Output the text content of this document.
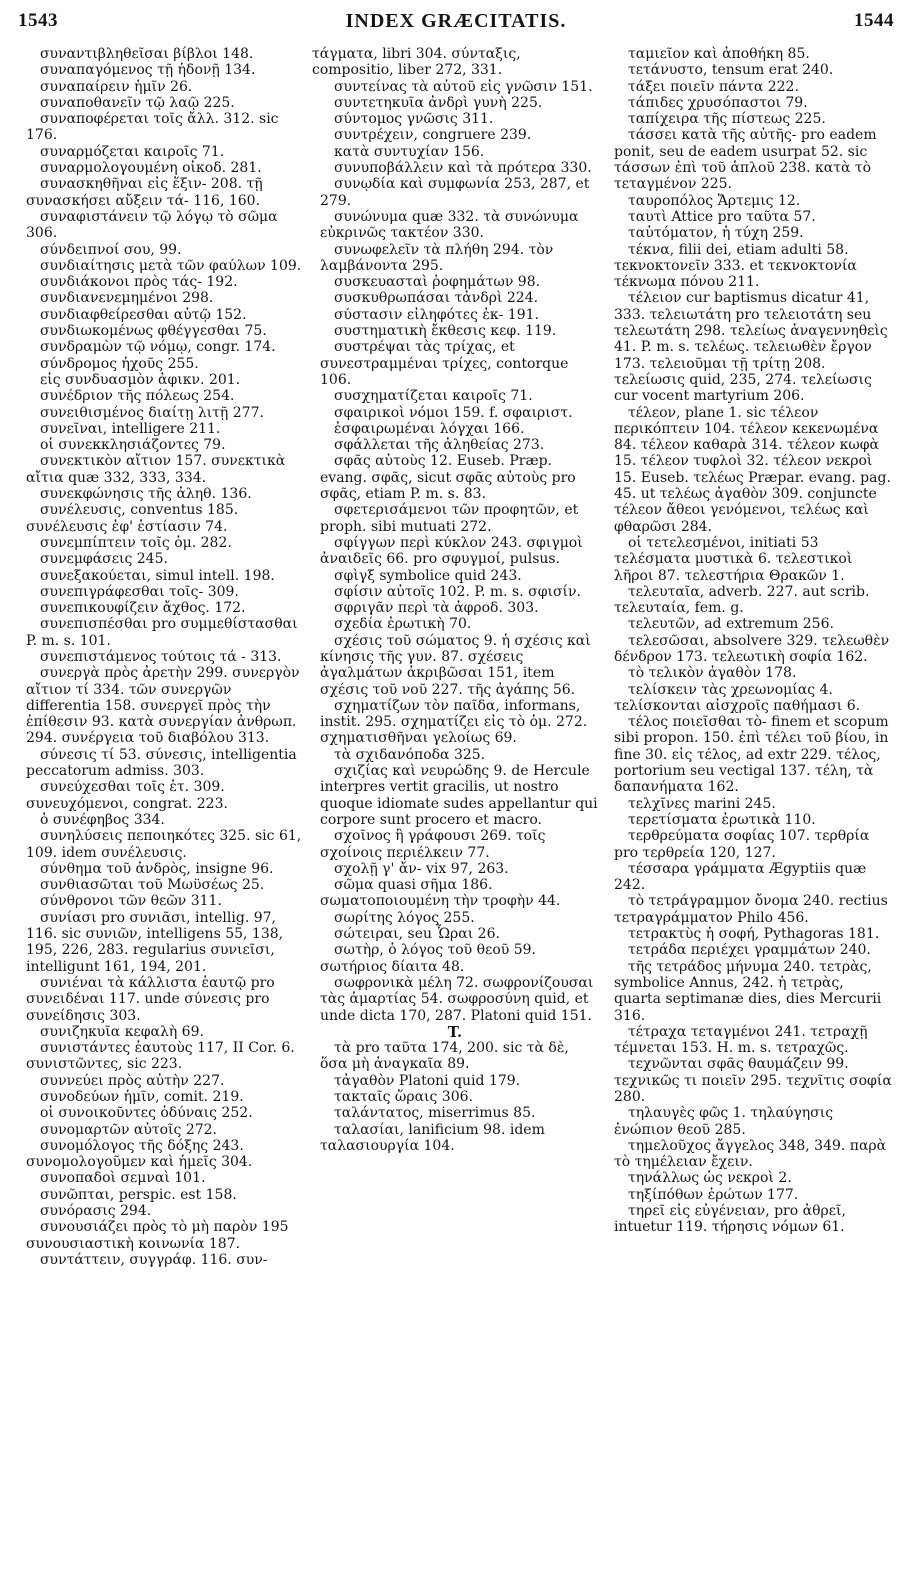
INDEX GRÆCITATIS.
1543	1544

συναντιβληθεῖσαι βίβλοι 148.

συναπαγόμενος τῇ ἡδονῇ 134.

συναπαίρειν ἡμῖν 26.

συναποθανεῖν τῷ λαῷ 225.

συναποφέρεται τοῖς ἄλλ. 312. sic 176.

συναρμόζεται καιροῖς 71.

συναρμολογουμένη οἰκοδ. 281.

συνασκηθῆναι εἰς ἕξιν- 208. τῇ συνασκήσει αὔξειν τά- 116, 160.

συναφιστάνειν τῷ λόγῳ τὸ σῶμα 306.

σύνδειπνοί σου, 99.

συνδιαίτησις μετὰ τῶν φαύλων 109.

συνδιάκονοι πρὸς τάς- 192.

συνδιανενεμημένοι 298.

συνδιαφθείρεσθαι αὐτῷ 152.

συνδιωκομένως φθέγγεσθαι 75.

συνδραμὼν τῷ νόμῳ, congr. 174.

σύνδρομος ἠχοῦς 255.

εἰς συνδυασμὸν ἀφικν. 201.

συνέδριον τῆς πόλεως 254.

συνειθισμένος διαίτῃ λιτῇ 277.

συνεῖναι, intelligere 211.

οἱ συνεκκλησιάζοντες 79.

συνεκτικὸν αἴτιον 157. συνεκτικὰ αἴτια quæ 332, 333, 334.

συνεκφώνησις τῆς ἀληθ. 136.

συνέλευσις, conventus 185. συνέλευσις ἐφ' ἑστίασιν 74.

συνεμπίπτειν τοῖς ὁμ. 282.

συνεμφάσεις 245.

συνεξακούεται, simul intell. 198.

συνεπιγράφεσθαι τοῖς- 309.

συνεπικουφίζειν ἄχθος. 172.

συνεπισπέσθαι pro συμμεθίστασθαι P. m. s. 101.

συνεπιστάμενος τούτοις τά - 313.

συνεργὰ πρὸς ἀρετὴν 299. συνεργὸν αἴτιον τί 334. τῶν συνεργῶν differentia 158. συνεργεῖ πρὸς τὴν ἐπίθεσιν 93. κατὰ συνεργίαν ἀνθρωπ. 294. συνέργεια τοῦ διαβόλου 313.

σύνεσις τί 53. σύνεσις, intelligentia peccatorum admiss. 303.

συνεύχεσθαι τοῖς ἑτ. 309. συνευχόμενοι, congrat. 223.

ὁ συνέφηβος 334.

συνηλύσεις πεποιηκότες 325. sic 61, 109. idem συνέλευσις.

σύνθημα τοῦ ἀνδρὸς, insigne 96.

συνθιασῶται τοῦ Μωϋσέως 25.

σύνθρονοι τῶν θεῶν 311.

συνίασι pro συνιᾶσι, intellig. 97, 116. sic συνιῶν, intelligens 55, 138, 195, 226, 283. regularius συνιεῖσι, intelligunt 161, 194, 201.

συνιέναι τὰ κάλλιστα ἑαυτῷ pro συνειδέναι 117. unde σύνεσις pro συνείδησις 303.

συνιζηκυῖα κεφαλὴ 69.

συνιστάντες ἑαυτοὺς 117, II Cor. 6. συνιστῶντες, sic 223.

συννεύει πρὸς αὐτὴν 227.

συνοδεύων ἡμῖν, comit. 219.

οἱ συνοικοῦντες ὀδύναις 252.

συνομαρτῶν αὐτοῖς 272.

συνομόλογος τῆς δόξης 243. συνομολογοῦμεν καὶ ἡμεῖς 304.

συνοπαδοὶ σεμναὶ 101.

συνῶπται, perspic. est 158.

συνόρασις 294.

συνουσιάζει πρὸς τὸ μὴ παρὸν 195 συνουσιαστικὴ κοινωνία 187.

συντάττειν, συγγράφ. 116. συν-

τάγματα, libri 304. σύνταξις, compositio, liber 272, 331.

συντείνας τὰ αὐτοῦ εἰς γνῶσιν 151.

συντετηκυῖα ἀνδρὶ γυνὴ 225.

σύντομος γνῶσις 311.

συντρέχειν, congruere 239.

κατὰ συντυχίαν 156.

συνυποβάλλειν καὶ τὰ πρότερα 330.

συνῳδία καὶ συμφωνία 253, 287, et 279.

συνώνυμα quæ 332. τὰ συνώνυμα εὐκρινῶς τακτέον 330.

συνωφελεῖν τὰ πλήθη 294. τὸν λαμβάνοντα 295.

συσκευασταὶ ῥοφημάτων 98.

συσκυθρωπάσαι τἀνδρὶ 224.

σύστασιν εἰληφότες ἐκ- 191.

συστηματικὴ ἔκθεσις κεφ. 119.

συστρέψαι τὰς τρίχας, et συνεστραμμέναι τρίχες, contorque 106.

συσχηματίζεται καιροῖς 71.

σφαιρικοὶ νόμοι 159. f. σφαιριστ.

ἐσφαιρωμέναι λόγχαι 166.

σφάλλεται τῆς ἀληθείας 273.

σφᾶς αὐτοὺς 12. Euseb. Præp. evang. σφᾶς, sicut σφᾶς αὐτοὺς pro σφᾶς, etiam P. m. s. 83.

σφετερισάμενοι τῶν προφητῶν, et proph. sibi mutuati 272.

σφίγγων περὶ κύκλον 243. σφιγμοὶ ἀναιδεῖς 66. pro σφυγμοί, pulsus.

σφὶγξ symbolice quid 243.

σφίσιν αὐτοῖς 102. P. m. s. σφισίν.

σφριγᾶν περὶ τὰ ἀφροδ. 303.

σχεδία ἐρωτικὴ 70.

σχέσις τοῦ σώματος 9. ἡ σχέσις καὶ κίνησις τῆς γυν. 87. σχέσεις ἀγαλμάτων ἀκριβῶσαι 151, item σχέσις τοῦ νοῦ 227. τῆς ἀγάπης 56.

σχηματίζων τὸν παῖδα, informans, instit. 295. σχηματίζει εἰς τὸ ὁμ. 272. σχηματισθῆναι γελοίως 69.

τὰ σχιδανόποδα 325.

σχιζίας καὶ νευρώδης 9. de Hercule interpres vertit gracilis, ut nostro quoque idiomate sudes appellantur qui corpore sunt procero et macro.

σχοῖνος ἢ γράφουσι 269. τοῖς σχοίνοις περιέλκειν 77.

σχολῇ γ' ἄν- vix 97, 263.

σῶμα quasi σῆμα 186. σωματοποιουμένη τὴν τροφὴν 44.

σωρίτης λόγος 255.

σώτειραι, seu Ὧραι 26.

σωτὴρ, ὁ λόγος τοῦ θεοῦ 59. σωτήριος δίαιτα 48.

σωφρονικὰ μέλη 72. σωφρονίζουσαι τὰς ἁμαρτίας 54. σωφροσύνη quid, et unde dicta 170, 287. Platoni quid 151.

T.

τὰ pro ταῦτα 174, 200. sic τὰ δὲ, ὅσα μὴ ἀναγκαῖα 89.

τἀγαθὸν Platoni quid 179.

τακταῖς ὥραις 306.

ταλάντατος, miserrimus 85.

ταλασίαι, lanificium 98. idem ταλασιουργία 104.

ταμιεῖον καὶ ἀποθήκη 85.

τετάνυστο, tensum erat 240.

τάξει ποιεῖν πάντα 222.

τάπιδες χρυσόπαστοι 79.

ταπίχειρα τῆς πίστεως 225.

τάσσει κατὰ τῆς αὐτῆς- pro eadem ponit, seu de eadem usurpat 52. sic τάσσων ἐπὶ τοῦ ἁπλοῦ 238. κατὰ τὸ τεταγμένον 225.

ταυροπόλος Ἄρτεμις 12.

ταυτὶ Attice pro ταῦτα 57.

ταὐτόματον, ἡ τύχη 259.

τέκνα, filii dei, etiam adulti 58. τεκνοκτονεῖν 333. et τεκνοκτονία τέκνωμα πόνου 211.

τέλειον cur baptismus dicatur 41, 333. τελειωτάτη pro τελειοτάτη seu τελεωτάτη 298. τελείως ἀναγεννηθεὶς 41. P. m. s. τελέως. τελειωθὲν ἔργον 173. τελειοῦμαι τῇ τρίτῃ 208. τελείωσις quid, 235, 274. τελείωσις cur vocent martyrium 206.

τέλεον, plane 1. sic τέλεον περικόπτειν 104. τέλεον κεκενωμένα 84. τέλεον καθαρὰ 314. τέλεον κωφὰ 15. τέλεον τυφλοὶ 32. τέλεον νεκροὶ 15. Euseb. τελέως Præpar. evang. pag. 45. ut τελέως ἀγαθὸν 309. conjuncte τέλεον ἄθεοι γενόμενοι, τελέως καὶ φθαρῶσι 284.

οἱ τετελεσμένοι, initiati 53 τελέσματα μυστικὰ 6. τελεστικοὶ λῆροι 87. τελεστήρια Θρακῶν 1.

τελευταῖα, adverb. 227. aut scrib. τελευταία, fem. g.

τελευτῶν, ad extremum 256.

τελεσῶσαι, absolvere 329. τελεωθὲν δένδρον 173. τελεωτικὴ σοφία 162.

τὸ τελικὸν ἀγαθὸν 178.

τελίσκειν τὰς χρεωνομίας 4. τελίσκονται αἰσχροῖς παθήμασι 6.

τέλος ποιεῖσθαι τὸ- finem et scopum sibi propon. 150. ἐπὶ τέλει τοῦ βίου, in fine 30. εἰς τέλος, ad extr 229. τέλος, portorium seu vectigal 137. τέλη, τὰ δαπανήματα 162.

τελχῖνες marini 245.

τερετίσματα ἐρωτικὰ 110.

τερθρεύματα σοφίας 107. τερθρία pro τερθρεία 120, 127.

τέσσαρα γράμματα Ægyptiis quæ 242.

τὸ τετράγραμμον ὄνομα 240. rectius τετραγράμματον Philo 456.

τετρακτὺς ἡ σοφή, Pythagoras 181.

τετράδα περιέχει γραμμάτων 240.

τῆς τετράδος μήνυμα 240. τετρὰς, symbolice Annus, 242. ἡ τετρὰς, quarta septimanæ dies, dies Mercurii 316.

τέτραχα τεταγμένοι 241. τετραχῇ τέμνεται 153. H. m. s. τετραχῶς.

τεχνῶνται σφᾶς θαυμάζειν 99. τεχνικῶς τι ποιεῖν 295. τεχνῖτις σοφία 280.

τηλαυγὲς φῶς 1. τηλαύγησις ἐνώπιον θεοῦ 285.

τημελοῦχος ἄγγελος 348, 349. παρὰ τὸ τημέλειαν ἔχειν.

τηνάλλως ὡς νεκροὶ 2.

τηξίπόθων ἐρώτων 177.

τηρεῖ εἰς εὐγένειαν, pro ἀθρεῖ, intuetur 119. τήρησις νόμων 61.
